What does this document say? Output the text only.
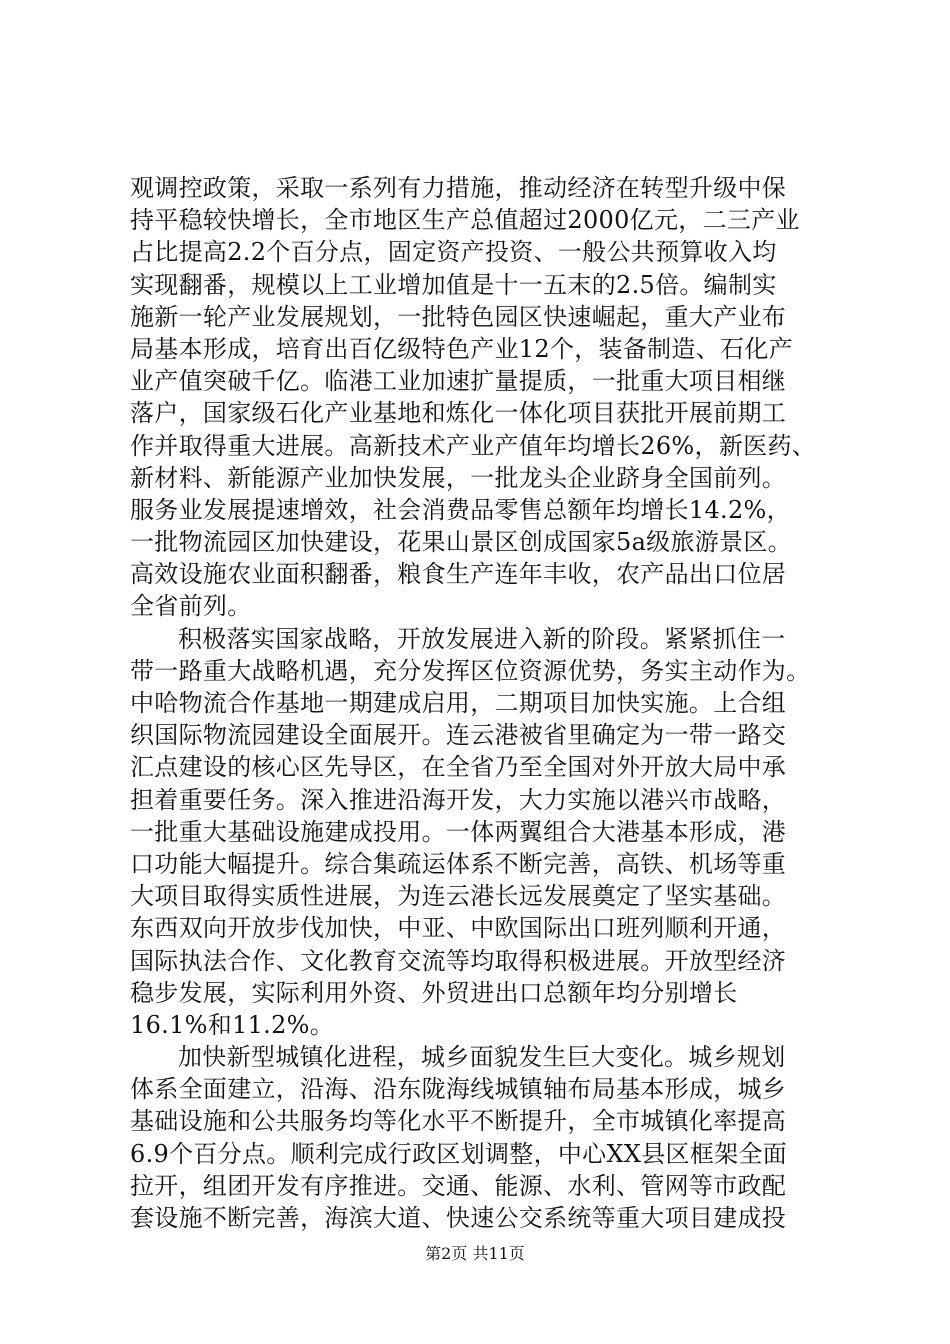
观调控政策，采取一系列有力措施，推动经济在转型升级中保
持平稳较快增长，全市地区生产总值超过2000亿元，二三产业
占比提高2.2个百分点，固定资产投资、一般公共预算收入均
实现翻番，规模以上工业增加值是十一五末的2.5倍。编制实
施新一轮产业发展规划，一批特色园区快速崛起，重大产业布
局基本形成，培育出百亿级特色产业12个，装备制造、石化产
业产值突破千亿。临港工业加速扩量提质，一批重大项目相继
落户，国家级石化产业基地和炼化一体化项目获批开展前期工
作并取得重大进展。高新技术产业产值年均增长26%，新医药、
新材料、新能源产业加快发展，一批龙头企业跻身全国前列。
服务业发展提速增效，社会消费品零售总额年均增长14.2%，
一批物流园区加快建设，花果山景区创成国家5a级旅游景区。
高效设施农业面积翻番，粮食生产连年丰收，农产品出口位居
全省前列。
积极落实国家战略，开放发展进入新的阶段。紧紧抓住一
带一路重大战略机遇，充分发挥区位资源优势，务实主动作为。
中哈物流合作基地一期建成启用，二期项目加快实施。上合组
织国际物流园建设全面展开。连云港被省里确定为一带一路交
汇点建设的核心区先导区，在全省乃至全国对外开放大局中承
担着重要任务。深入推进沿海开发，大力实施以港兴市战略，
一批重大基础设施建成投用。一体两翼组合大港基本形成，港
口功能大幅提升。综合集疏运体系不断完善，高铁、机场等重
大项目取得实质性进展，为连云港长远发展奠定了坚实基础。
东西双向开放步伐加快，中亚、中欧国际出口班列顺利开通，
国际执法合作、文化教育交流等均取得积极进展。开放型经济
稳步发展，实际利用外资、外贸进出口总额年均分别增长
16.1%和11.2%。
加快新型城镇化进程，城乡面貌发生巨大变化。城乡规划
体系全面建立，沿海、沿东陇海线城镇轴布局基本形成，城乡
基础设施和公共服务均等化水平不断提升，全市城镇化率提高
6.9个百分点。顺利完成行政区划调整，中心XX县区框架全面
拉开，组团开发有序推进。交通、能源、水利、管网等市政配
套设施不断完善，海滨大道、快速公交系统等重大项目建成投
第2页 共11页
